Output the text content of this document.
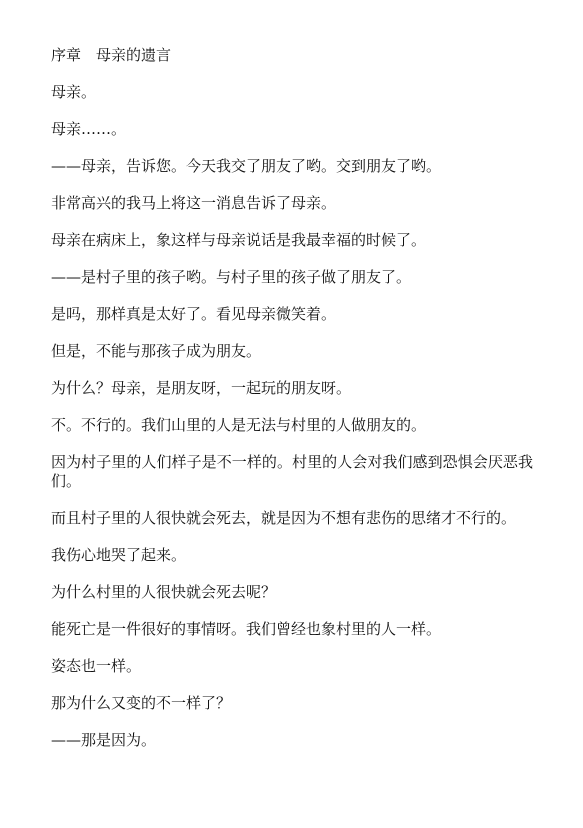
序章　母亲的遗言

母亲。

母亲……。

——母亲，告诉您。今天我交了朋友了哟。交到朋友了哟。

非常高兴的我马上将这一消息告诉了母亲。

母亲在病床上，象这样与母亲说话是我最幸福的时候了。

——是村子里的孩子哟。与村子里的孩子做了朋友了。

是吗，那样真是太好了。看见母亲微笑着。

但是，不能与那孩子成为朋友。

为什么？母亲，是朋友呀，一起玩的朋友呀。

不。不行的。我们山里的人是无法与村里的人做朋友的。

因为村子里的人们样子是不一样的。村里的人会对我们感到恐惧会厌恶我们。

而且村子里的人很快就会死去，就是因为不想有悲伤的思绪才不行的。

我伤心地哭了起来。

为什么村里的人很快就会死去呢？

能死亡是一件很好的事情呀。我们曾经也象村里的人一样。

姿态也一样。

那为什么又变的不一样了？

——那是因为。
